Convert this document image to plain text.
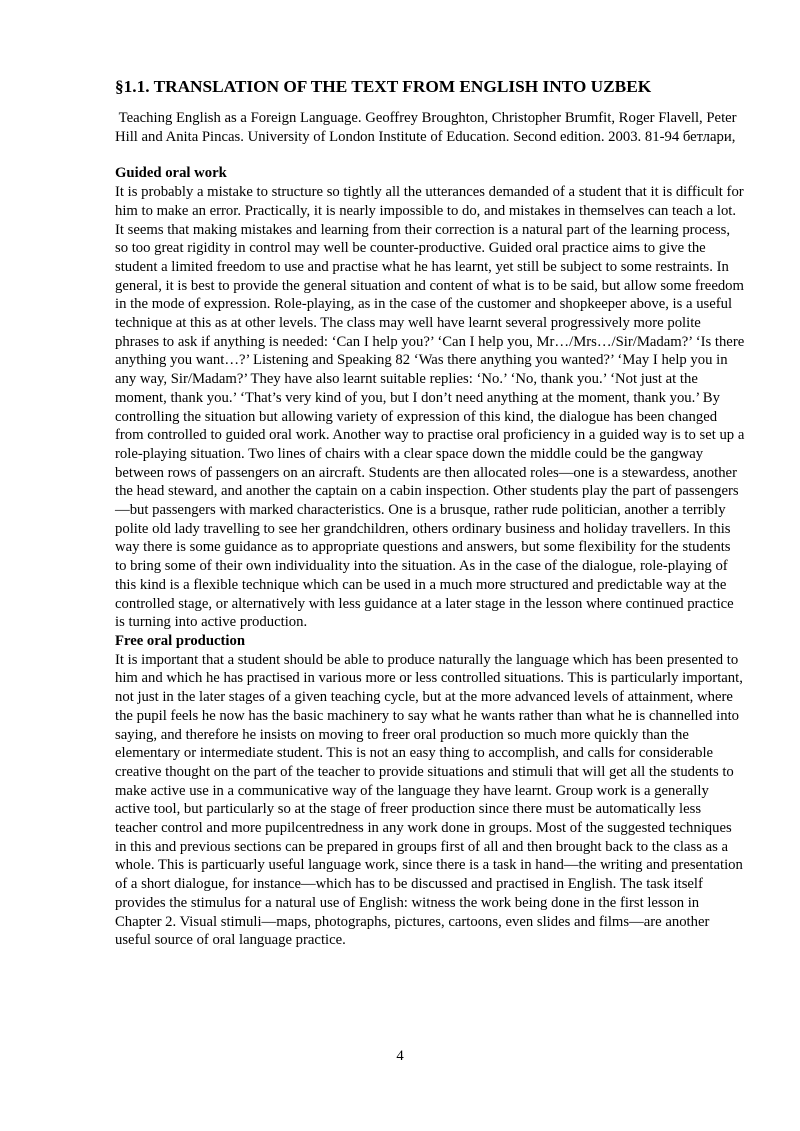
§1.1. TRANSLATION OF THE TEXT FROM ENGLISH INTO UZBEK

Teaching English as a Foreign Language. Geoffrey Broughton, Christopher Brumfit, Roger Flavell, Peter Hill and Anita Pincas. University of London Institute of Education. Second edition. 2003. 81-94 бетлари,

Guided oral work

It is probably a mistake to structure so tightly all the utterances demanded of a student that it is difficult for him to make an error. Practically, it is nearly impossible to do, and mistakes in themselves can teach a lot. It seems that making mistakes and learning from their correction is a natural part of the learning process, so too great rigidity in control may well be counter-productive. Guided oral practice aims to give the student a limited freedom to use and practise what he has learnt, yet still be subject to some restraints. In general, it is best to provide the general situation and content of what is to be said, but allow some freedom in the mode of expression. Role-playing, as in the case of the customer and shopkeeper above, is a useful technique at this as at other levels. The class may well have learnt several progressively more polite phrases to ask if anything is needed: ‘Can I help you?’ ‘Can I help you, Mr…/Mrs…/Sir/Madam?’ ‘Is there anything you want…?’ Listening and Speaking 82 ‘Was there anything you wanted?’ ‘May I help you in any way, Sir/Madam?’ They have also learnt suitable replies: ‘No.’ ‘No, thank you.’ ‘Not just at the moment, thank you.’ ‘That’s very kind of you, but I don’t need anything at the moment, thank you.’ By controlling the situation but allowing variety of expression of this kind, the dialogue has been changed from controlled to guided oral work. Another way to practise oral proficiency in a guided way is to set up a role-playing situation. Two lines of chairs with a clear space down the middle could be the gangway between rows of passengers on an aircraft. Students are then allocated roles—one is a stewardess, another the head steward, and another the captain on a cabin inspection. Other students play the part of passengers—but passengers with marked characteristics. One is a brusque, rather rude politician, another a terribly polite old lady travelling to see her grandchildren, others ordinary business and holiday travellers. In this way there is some guidance as to appropriate questions and answers, but some flexibility for the students to bring some of their own individuality into the situation. As in the case of the dialogue, role-playing of this kind is a flexible technique which can be used in a much more structured and predictable way at the controlled stage, or alternatively with less guidance at a later stage in the lesson where continued practice is turning into active production.

Free oral production

It is important that a student should be able to produce naturally the language which has been presented to him and which he has practised in various more or less controlled situations. This is particularly important, not just in the later stages of a given teaching cycle, but at the more advanced levels of attainment, where the pupil feels he now has the basic machinery to say what he wants rather than what he is channelled into saying, and therefore he insists on moving to freer oral production so much more quickly than the elementary or intermediate student. This is not an easy thing to accomplish, and calls for considerable creative thought on the part of the teacher to provide situations and stimuli that will get all the students to make active use in a communicative way of the language they have learnt. Group work is a generally active tool, but particularly so at the stage of freer production since there must be automatically less teacher control and more pupilcentredness in any work done in groups. Most of the suggested techniques in this and previous sections can be prepared in groups first of all and then brought back to the class as a whole. This is particuarly useful language work, since there is a task in hand—the writing and presentation of a short dialogue, for instance—which has to be discussed and practised in English. The task itself provides the stimulus for a natural use of English: witness the work being done in the first lesson in Chapter 2. Visual stimuli—maps, photographs, pictures, cartoons, even slides and films—are another useful source of oral language practice.

4
